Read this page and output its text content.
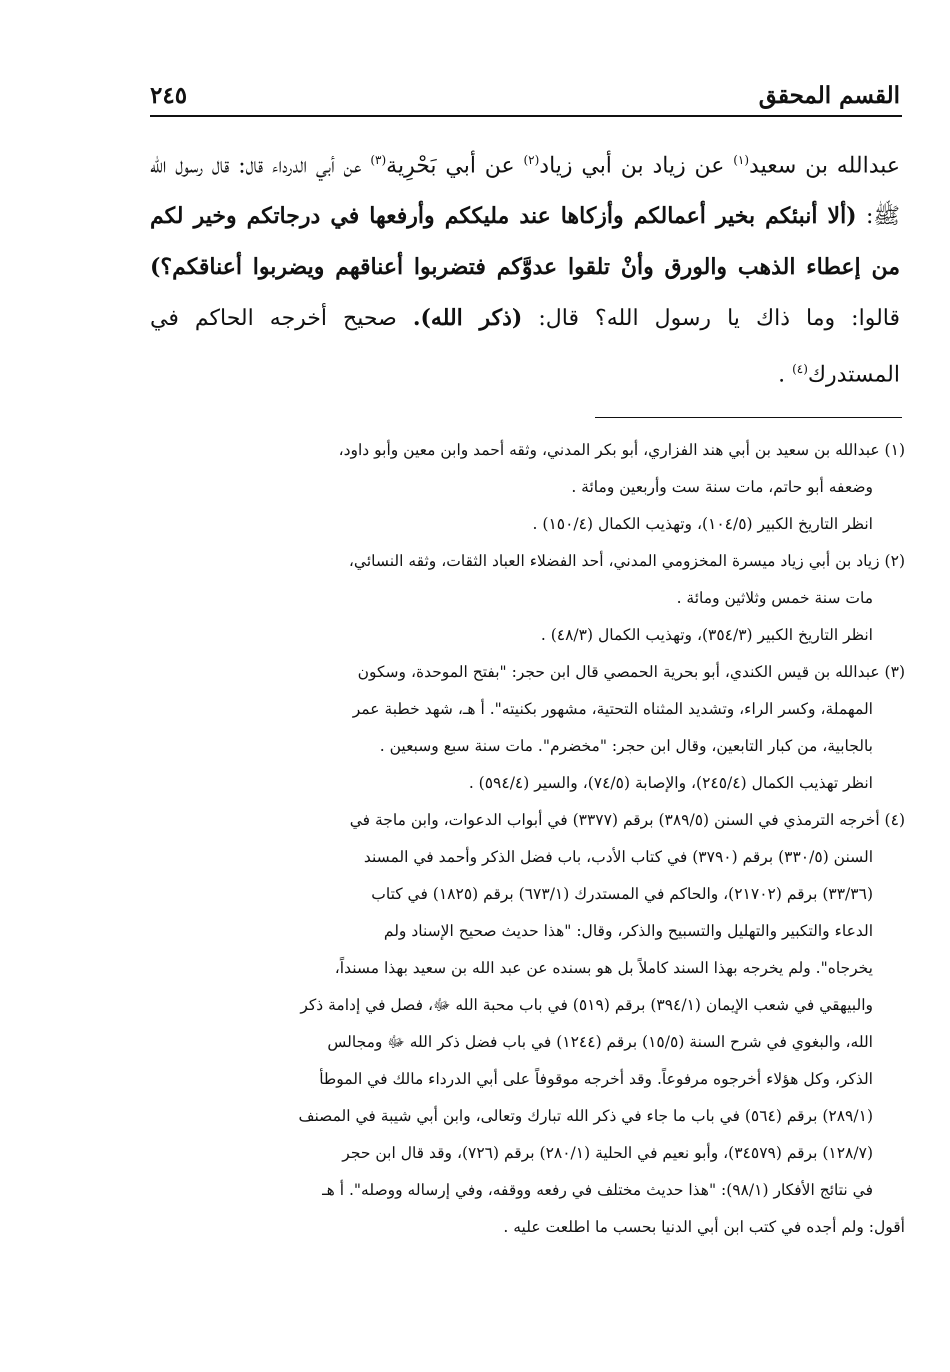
القسم المحقق
٢٤٥

عبدالله بن سعيد$^{(١)}$ عن زياد بن أبي زياد$^{(٢)}$ عن أبي بَحْرِية$^{(٣)}$ عن أبي الدرداء قال: قال رسول الله ﷺ: (ألا أنبئكم بخير أعمالكم وأزكاها عند مليككم وأرفعها في درجاتكم وخير لكم من إعطاء الذهب والورق وأنْ تلقوا عدوَّكم فتضربوا أعناقهم ويضربوا أعناقكم؟) قالوا: وما ذاك يا رسول الله؟ قال: (ذكر الله). صحيح أخرجه الحاكم في المستدرك$^{(٤)}$ .

(١) عبدالله بن سعيد بن أبي هند الفزاري، أبو بكر المدني، وثقه أحمد وابن معين وأبو داود،
وضعفه أبو حاتم، مات سنة ست وأربعين ومائة .
انظر التاريخ الكبير (١٠٤/٥)، وتهذيب الكمال (١٥٠/٤) .
(٢) زياد بن أبي زياد ميسرة المخزومي المدني، أحد الفضلاء العباد الثقات، وثقه النسائي،
مات سنة خمس وثلاثين ومائة .
انظر التاريخ الكبير (٣٥٤/٣)، وتهذيب الكمال (٤٨/٣) .
(٣) عبدالله بن قيس الكندي، أبو بحرية الحمصي قال ابن حجر: "بفتح الموحدة، وسكون
المهملة، وكسر الراء، وتشديد المثناه التحتية، مشهور بكنيته". أ هـ، شهد خطبة عمر
بالجابية، من كبار التابعين، وقال ابن حجر: "مخضرم". مات سنة سبع وسبعين .
انظر تهذيب الكمال (٢٤٥/٤)، والإصابة (٧٤/٥)، والسير (٥٩٤/٤) .
(٤) أخرجه الترمذي في السنن (٣٨٩/٥) برقم (٣٣٧٧) في أبواب الدعوات، وابن ماجة في
السنن (٣٣٠/٥) برقم (٣٧٩٠) في كتاب الأدب، باب فضل الذكر وأحمد في المسند
(٣٣/٣٦) برقم (٢١٧٠٢)، والحاكم في المستدرك (٦٧٣/١) برقم (١٨٢٥) في كتاب
الدعاء والتكبير والتهليل والتسبيح والذكر، وقال: "هذا حديث صحيح الإسناد ولم
يخرجاه". ولم يخرجه بهذا السند كاملاً بل هو بسنده عن عبد الله بن سعيد بهذا مسنداً،
والبيهقي في شعب الإيمان (٣٩٤/١) برقم (٥١٩) في باب محبة الله ﷻ، فصل في إدامة ذكر
الله، والبغوي في شرح السنة (١٥/٥) برقم (١٢٤٤) في باب فضل ذكر الله ﷻ ومجالس
الذكر، وكل هؤلاء أخرجوه مرفوعاً. وقد أخرجه موقوفاً على أبي الدرداء مالك في الموطأ
(٢٨٩/١) برقم (٥٦٤) في باب ما جاء في ذكر الله تبارك وتعالى، وابن أبي شيبة في المصنف
(١٢٨/٧) برقم (٣٤٥٧٩)، وأبو نعيم في الحلية (٢٨٠/١) برقم (٧٢٦)، وقد قال ابن حجر
في نتائج الأفكار (٩٨/١): "هذا حديث مختلف في رفعه ووقفه، وفي إرساله ووصله". أ هـ
أقول: ولم أجده في كتب ابن أبي الدنيا بحسب ما اطلعت عليه .
